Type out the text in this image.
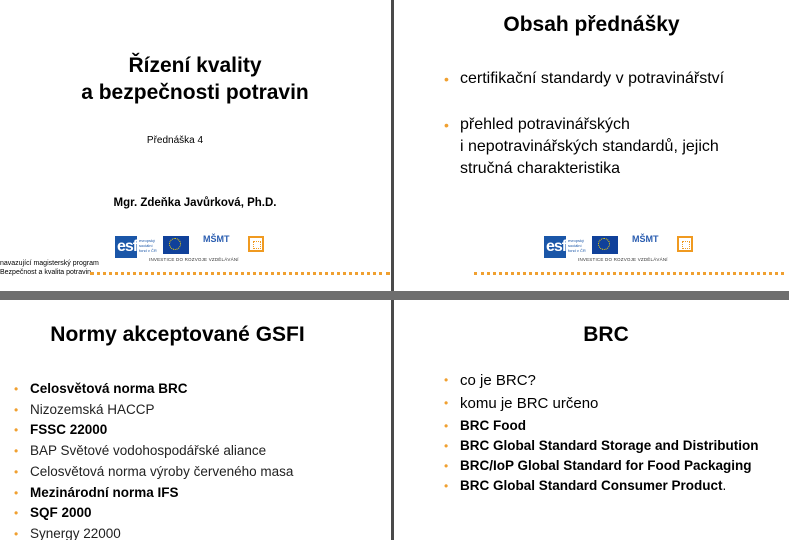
Řízení kvality
a bezpečnosti potravin
Přednáška 4
Mgr. Zdeňka Javůrková, Ph.D.
esf evropský sociální fond v ČR
MŠMT
INVESTICE DO ROZVOJE VZDĚLÁVÁNÍ
navazující magisterský program
Bezpečnost a kvalita potravin
Obsah přednášky
• certifikační standardy v potravinářství
• přehled potravinářských
i nepotravinářských standardů, jejich
stručná charakteristika
esf evropský sociální fond v ČR
MŠMT
INVESTICE DO ROZVOJE VZDĚLÁVÁNÍ
Normy akceptované GSFI
• Celosvětová norma BRC
• Nizozemská HACCP
• FSSC 22000
• BAP Světové vodohospodářské aliance
• Celosvětová norma výroby červeného masa
• Mezinárodní norma IFS
• SQF 2000
• Synergy 22000
BRC
• co je BRC?
• komu je BRC určeno
• BRC Food
• BRC Global Standard Storage and Distribution
• BRC/IoP Global Standard for Food Packaging
• BRC Global Standard Consumer Product.
